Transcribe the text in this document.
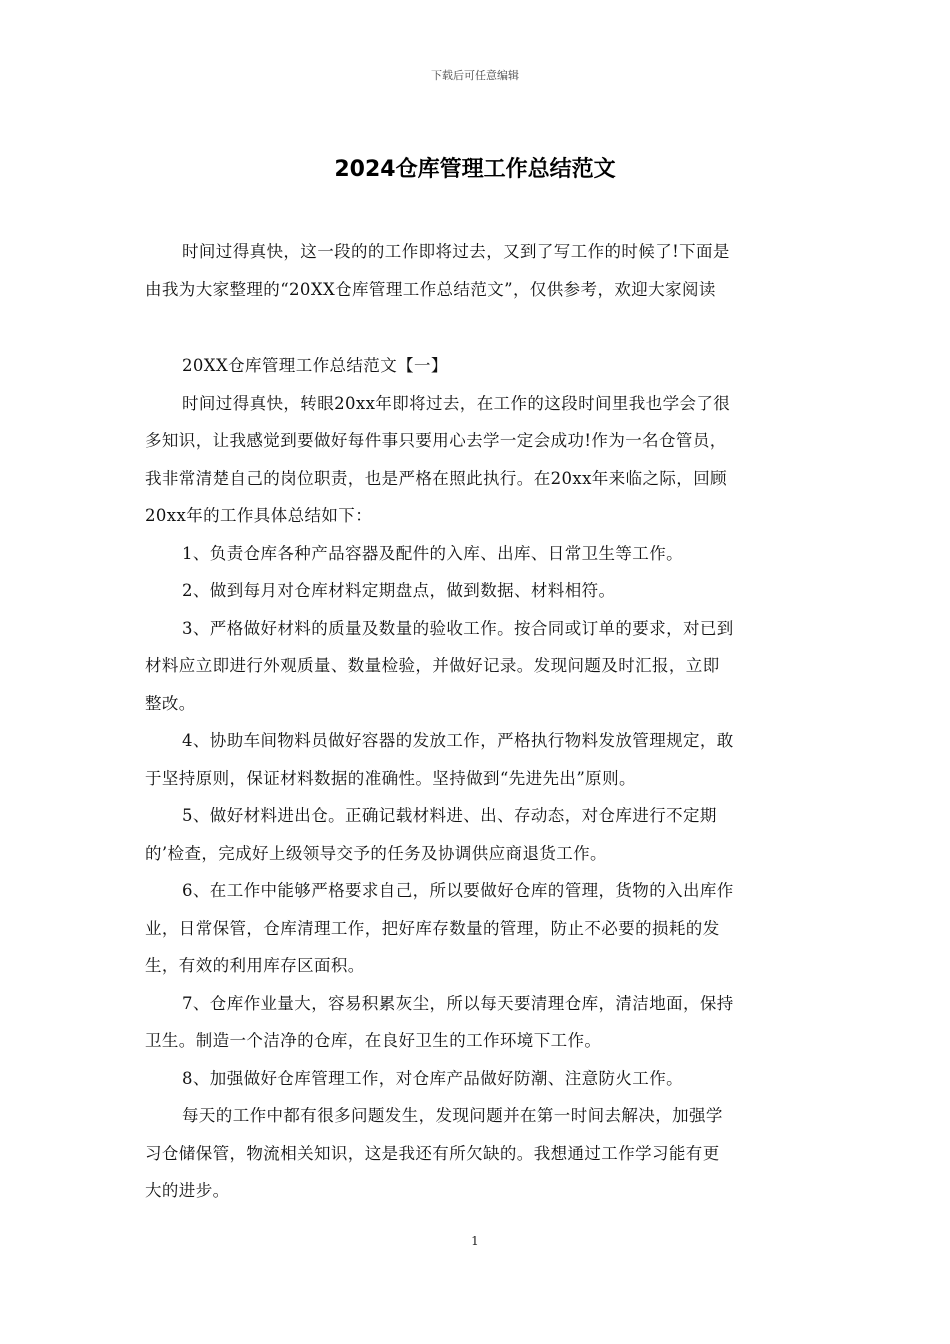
下载后可任意编辑
2024仓库管理工作总结范文
时间过得真快，这一段的的工作即将过去，又到了写工作的时候了!下面是
由我为大家整理的“20XX仓库管理工作总结范文”，仅供参考，欢迎大家阅读
20XX仓库管理工作总结范文【一】
时间过得真快，转眼20xx年即将过去，在工作的这段时间里我也学会了很
多知识，让我感觉到要做好每件事只要用心去学一定会成功!作为一名仓管员，
我非常清楚自己的岗位职责，也是严格在照此执行。在20xx年来临之际，回顾
20xx年的工作具体总结如下：
1、负责仓库各种产品容器及配件的入库、出库、日常卫生等工作。
2、做到每月对仓库材料定期盘点，做到数据、材料相符。
3、严格做好材料的质量及数量的验收工作。按合同或订单的要求，对已到
材料应立即进行外观质量、数量检验，并做好记录。发现问题及时汇报，立即
整改。
4、协助车间物料员做好容器的发放工作，严格执行物料发放管理规定，敢
于坚持原则，保证材料数据的准确性。坚持做到“先进先出”原则。
5、做好材料进出仓。正确记载材料进、出、存动态，对仓库进行不定期
的’检查，完成好上级领导交予的任务及协调供应商退货工作。
6、在工作中能够严格要求自己，所以要做好仓库的管理，货物的入出库作
业，日常保管，仓库清理工作，把好库存数量的管理，防止不必要的损耗的发
生，有效的利用库存区面积。
7、仓库作业量大，容易积累灰尘，所以每天要清理仓库，清洁地面，保持
卫生。制造一个洁净的仓库，在良好卫生的工作环境下工作。
8、加强做好仓库管理工作，对仓库产品做好防潮、注意防火工作。
每天的工作中都有很多问题发生，发现问题并在第一时间去解决，加强学
习仓储保管，物流相关知识，这是我还有所欠缺的。我想通过工作学习能有更
大的进步。
1
